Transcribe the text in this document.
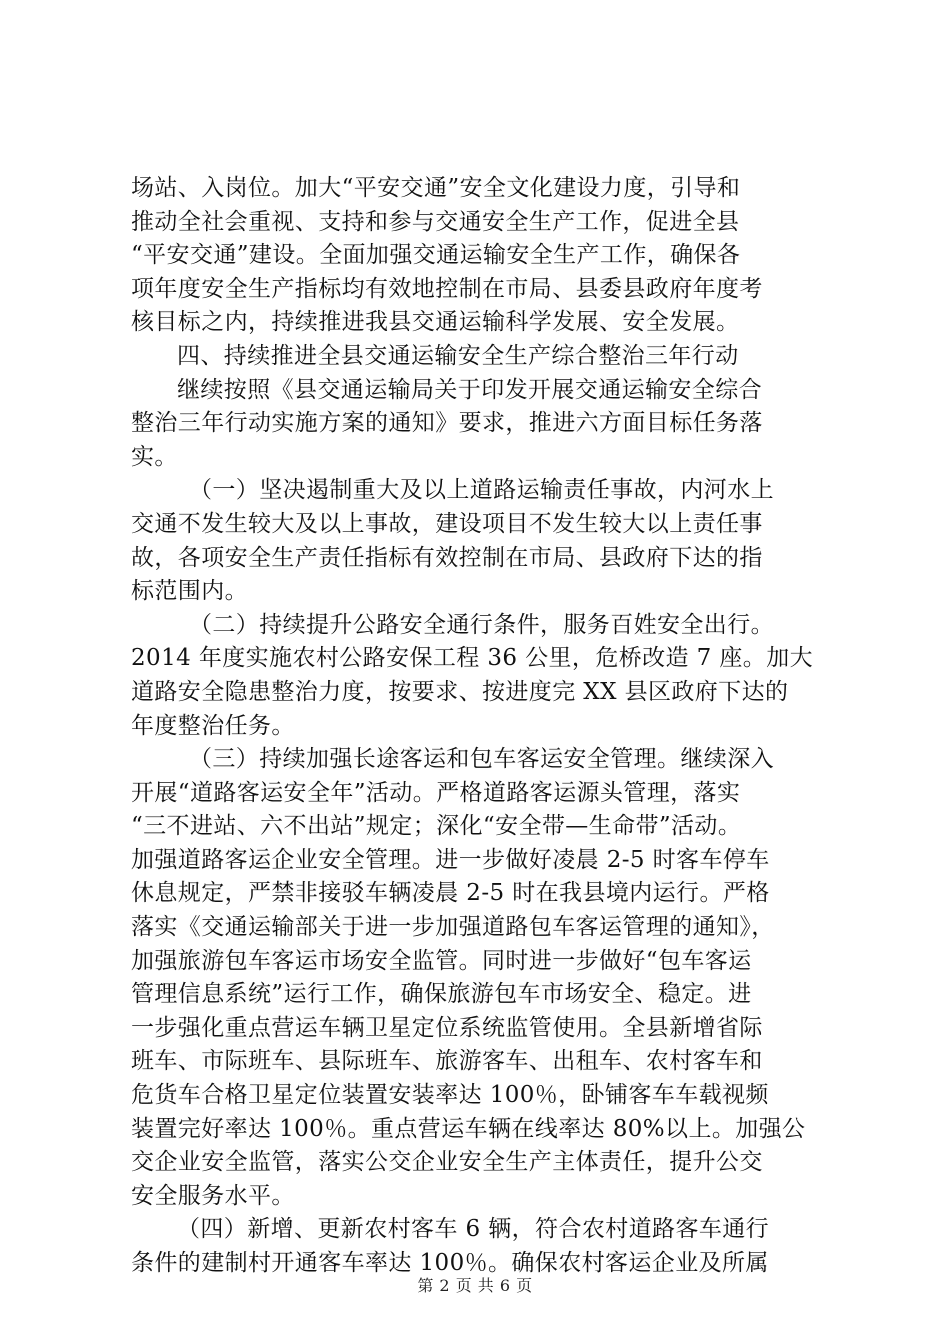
场站、入岗位。加大“平安交通”安全文化建设力度，引导和
推动全社会重视、支持和参与交通安全生产工作，促进全县
“平安交通”建设。全面加强交通运输安全生产工作，确保各
项年度安全生产指标均有效地控制在市局、县委县政府年度考
核目标之内，持续推进我县交通运输科学发展、安全发展。
四、持续推进全县交通运输安全生产综合整治三年行动
继续按照《县交通运输局关于印发开展交通运输安全综合
整治三年行动实施方案的通知》要求，推进六方面目标任务落
实。
（一）坚决遏制重大及以上道路运输责任事故，内河水上
交通不发生较大及以上事故，建设项目不发生较大以上责任事
故，各项安全生产责任指标有效控制在市局、县政府下达的指
标范围内。
（二）持续提升公路安全通行条件，服务百姓安全出行。
2014 年度实施农村公路安保工程 36 公里，危桥改造 7 座。加大
道路安全隐患整治力度，按要求、按进度完 XX 县区政府下达的
年度整治任务。
（三）持续加强长途客运和包车客运安全管理。继续深入
开展“道路客运安全年”活动。严格道路客运源头管理，落实
“三不进站、六不出站”规定；深化“安全带—生命带”活动。
加强道路客运企业安全管理。进一步做好凌晨 2-5 时客车停车
休息规定，严禁非接驳车辆凌晨 2-5 时在我县境内运行。严格
落实《交通运输部关于进一步加强道路包车客运管理的通知》，
加强旅游包车客运市场安全监管。同时进一步做好“包车客运
管理信息系统”运行工作，确保旅游包车市场安全、稳定。进
一步强化重点营运车辆卫星定位系统监管使用。全县新增省际
班车、市际班车、县际班车、旅游客车、出租车、农村客车和
危货车合格卫星定位装置安装率达 100％，卧铺客车车载视频
装置完好率达 100％。重点营运车辆在线率达 80%以上。加强公
交企业安全监管，落实公交企业安全生产主体责任，提升公交
安全服务水平。
（四）新增、更新农村客车 6 辆，符合农村道路客车通行
条件的建制村开通客车率达 100％。确保农村客运企业及所属
第 2 页 共 6 页
